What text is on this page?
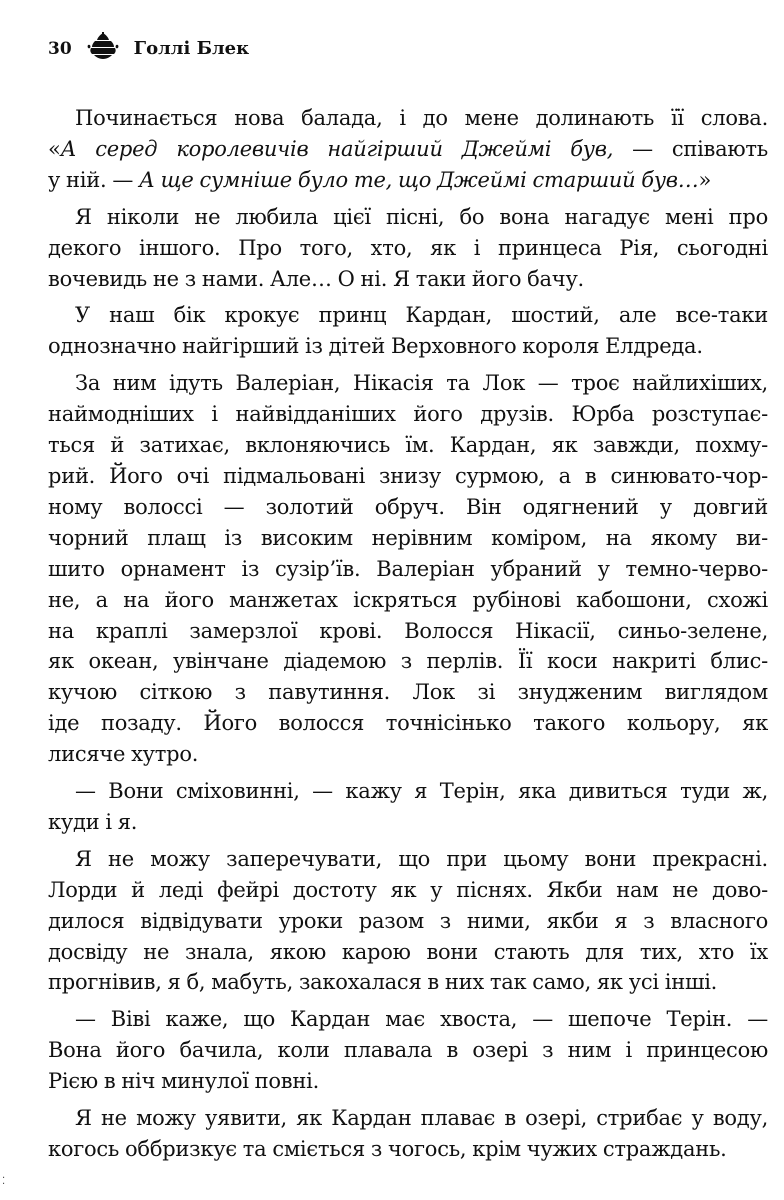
30	Голлі Блек
Починається нова балада, і до мене долинають її слова.
«А серед королевичів найгірший Джеймі був, — співають
у ній. — А ще сумніше було те, що Джеймі старший був…»
Я ніколи не любила цієї пісні, бо вона нагадує мені про
декого іншого. Про того, хто, як і принцеса Рія, сьогодні
вочевидь не з нами. Але… О ні. Я таки його бачу.
У наш бік крокує принц Кардан, шостий, але все-таки
однозначно найгірший із дітей Верховного короля Елдреда.
За ним ідуть Валеріан, Нікасія та Лок — троє найлихіших,
наймодніших і найвідданіших його друзів. Юрба розступає-
ться й затихає, вклоняючись їм. Кардан, як завжди, похму-
рий. Його очі підмальовані знизу сурмою, а в синювато-чор-
ному волоссі — золотий обруч. Він одягнений у довгий
чорний плащ із високим нерівним коміром, на якому ви-
шито орнамент із сузір’їв. Валеріан убраний у темно-червo-
не, а на його манжетах іскряться рубінові кабошони, схожі
на краплі замерзлої крові. Волосся Нікасії, синьо-зелене,
як океан, увінчане діадемою з перлів. Її коси накриті блис-
кучою сіткою з павутиння. Лок зі знудженим виглядом
іде позаду. Його волосся точнісінько такого кольору, як
лисяче хутро.
— Вони сміховинні, — кажу я Терін, яка дивиться туди ж,
куди і я.
Я не можу заперечувати, що при цьому вони прекрасні.
Лорди й леді фейрі достоту як у піснях. Якби нам не дово-
дилося відвідувати уроки разом з ними, якби я з власного
досвіду не знала, якою карою вони стають для тих, хто їх
прогнівив, я б, мабуть, закохалася в них так само, як усі інші.
— Віві каже, що Кардан має хвоста, — шепоче Терін. —
Вона його бачила, коли плавала в озері з ним і принцесою
Рією в ніч минулої повні.
Я не можу уявити, як Кардан плаває в озері, стрибає у воду,
когось оббризкує та сміється з чогось, крім чужих страждань.
⁚
